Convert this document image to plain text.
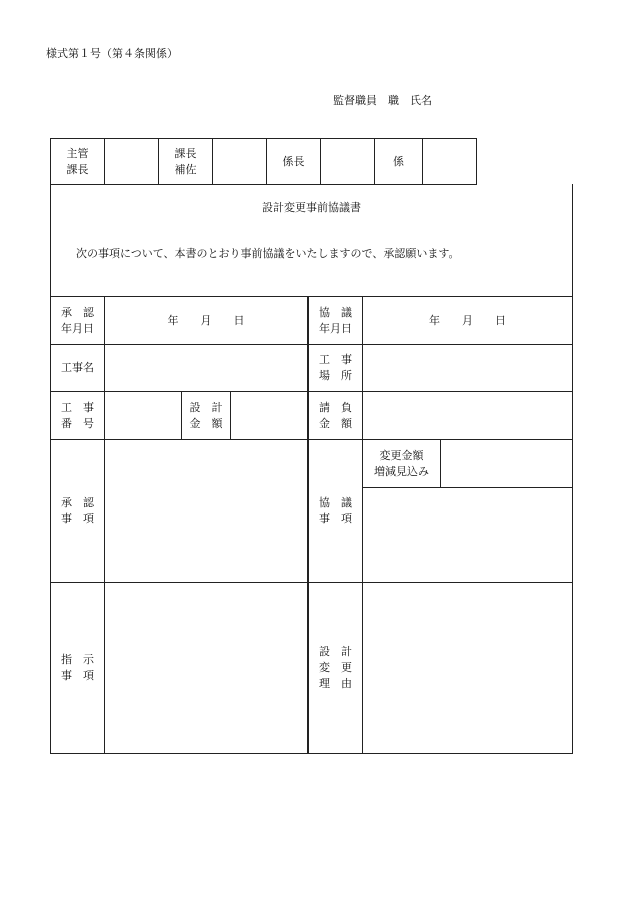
様式第１号（第４条関係）
監督職員　職　氏名
主管
課長
課長
補佐
係長	係
設計変更事前協議書
次の事項について、本書のとおり事前協議をいたしますので、承認願います。
承　認
年月日
年　　月　　日
協　議
年月日
年　　月　　日
工事名
工　事
場　所
工　事
番　号
設　計
金　額
請　負
金　額
承　認
事　項
協　議
事　項
変更金額
増減見込み
指　示
事　項
設　計
変　更
理　由
